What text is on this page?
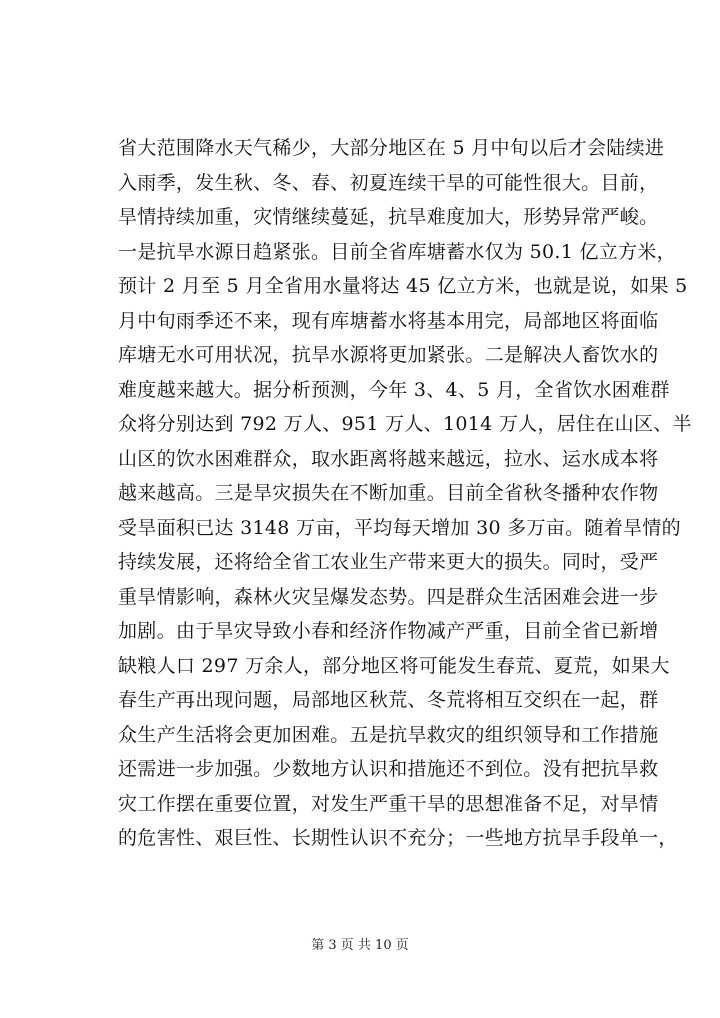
省大范围降水天气稀少，大部分地区在 5 月中旬以后才会陆续进
入雨季，发生秋、冬、春、初夏连续干旱的可能性很大。目前，
旱情持续加重，灾情继续蔓延，抗旱难度加大，形势异常严峻。
一是抗旱水源日趋紧张。目前全省库塘蓄水仅为 50.1 亿立方米，
预计 2 月至 5 月全省用水量将达 45 亿立方米，也就是说，如果 5
月中旬雨季还不来，现有库塘蓄水将基本用完，局部地区将面临
库塘无水可用状况，抗旱水源将更加紧张。二是解决人畜饮水的
难度越来越大。据分析预测，今年 3、4、5 月，全省饮水困难群
众将分别达到 792 万人、951 万人、1014 万人，居住在山区、半
山区的饮水困难群众，取水距离将越来越远，拉水、运水成本将
越来越高。三是旱灾损失在不断加重。目前全省秋冬播种农作物
受旱面积已达 3148 万亩，平均每天增加 30 多万亩。随着旱情的
持续发展，还将给全省工农业生产带来更大的损失。同时，受严
重旱情影响，森林火灾呈爆发态势。四是群众生活困难会进一步
加剧。由于旱灾导致小春和经济作物减产严重，目前全省已新增
缺粮人口 297 万余人，部分地区将可能发生春荒、夏荒，如果大
春生产再出现问题，局部地区秋荒、冬荒将相互交织在一起，群
众生产生活将会更加困难。五是抗旱救灾的组织领导和工作措施
还需进一步加强。少数地方认识和措施还不到位。没有把抗旱救
灾工作摆在重要位置，对发生严重干旱的思想准备不足，对旱情
的危害性、艰巨性、长期性认识不充分；一些地方抗旱手段单一，
第 3 页 共 10 页
